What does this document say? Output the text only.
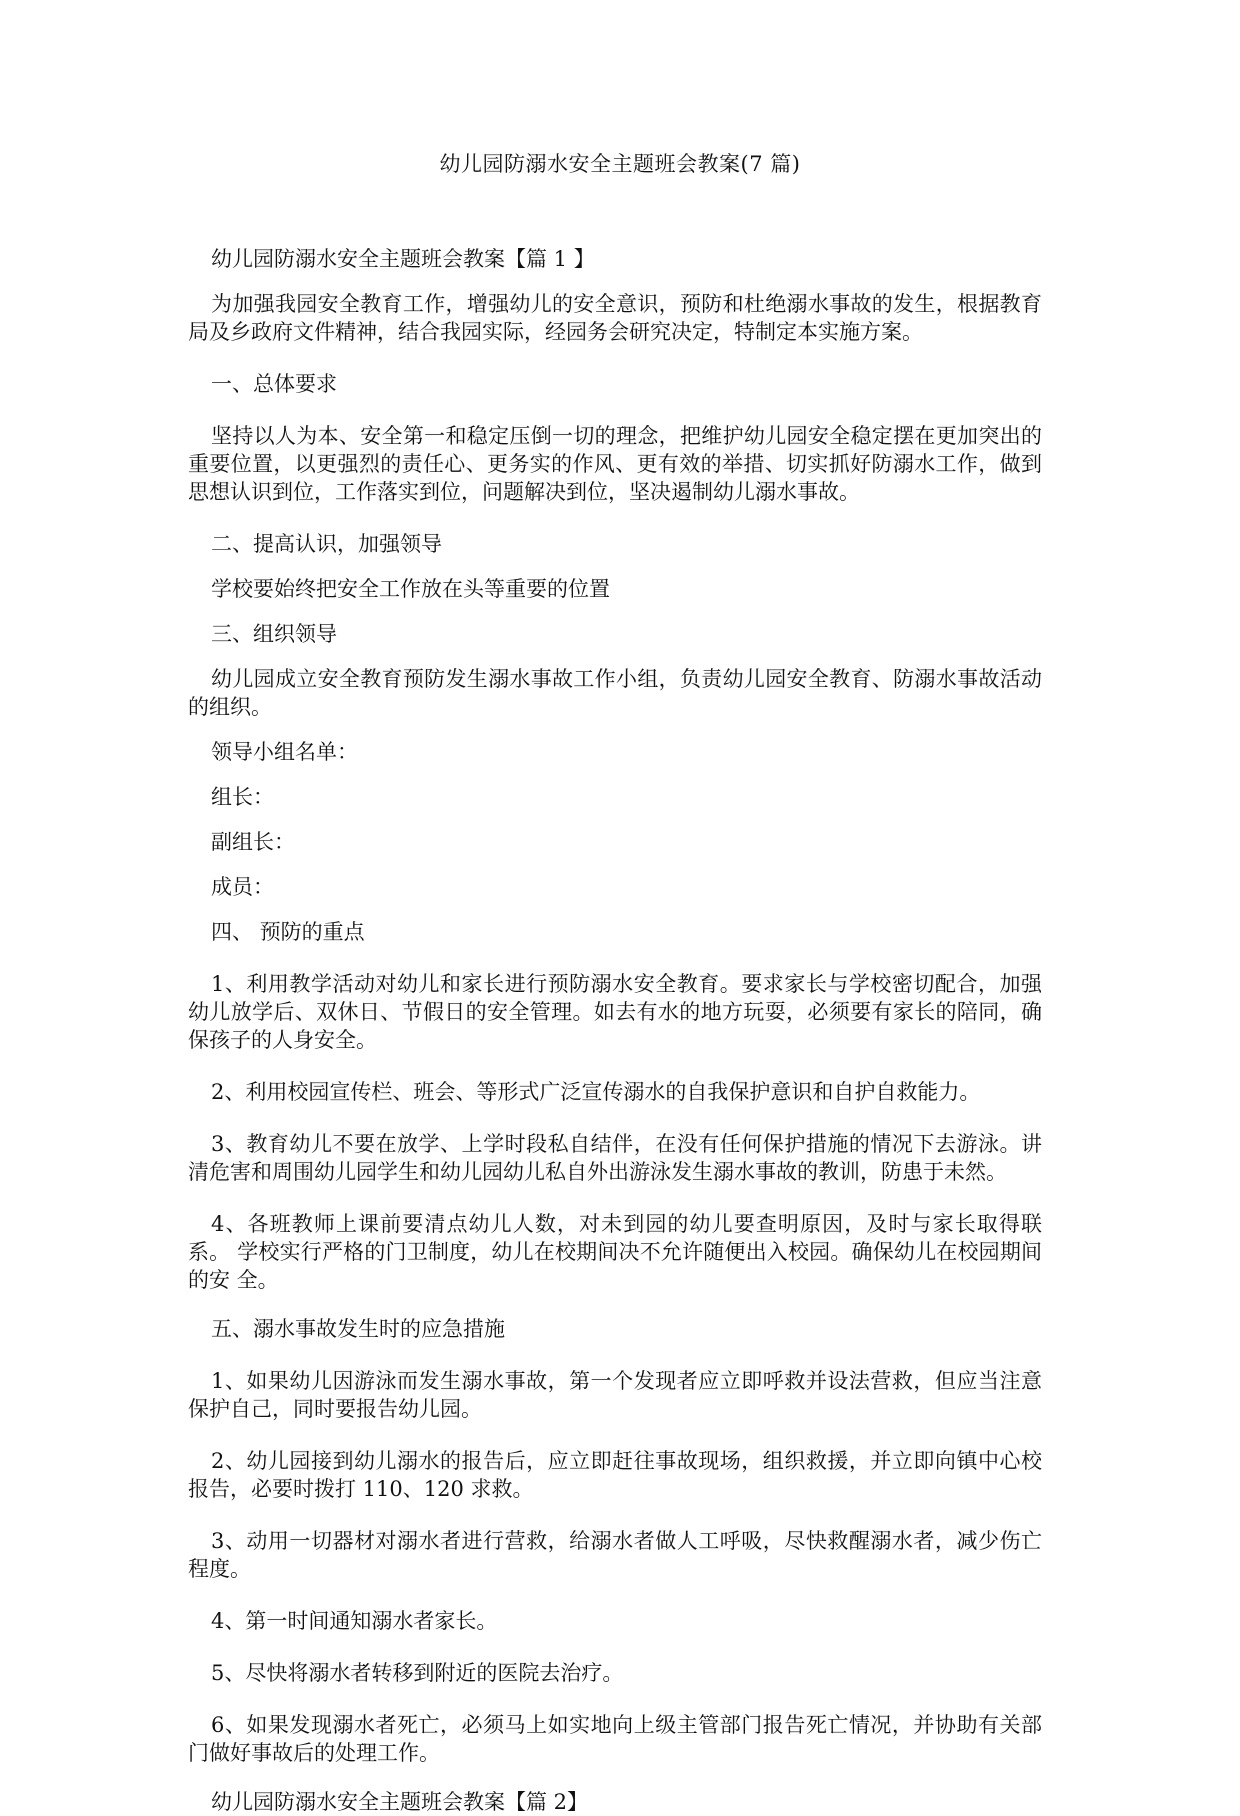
幼儿园防溺水安全主题班会教案(7 篇)

幼儿园防溺水安全主题班会教案【篇 1 】

为加强我园安全教育工作，增强幼儿的安全意识，预防和杜绝溺水事故的发生，根据教育 局及乡政府文件精神，结合我园实际，经园务会研究决定，特制定本实施方案。

一、总体要求

坚持以人为本、安全第一和稳定压倒一切的理念，把维护幼儿园安全稳定摆在更加突出的 重要位置，以更强烈的责任心、更务实的作风、更有效的举措、切实抓好防溺水工作，做到 思想认识到位，工作落实到位，问题解决到位，坚决遏制幼儿溺水事故。

二、提高认识，加强领导

学校要始终把安全工作放在头等重要的位置

三、组织领导

幼儿园成立安全教育预防发生溺水事故工作小组，负责幼儿园安全教育、防溺水事故活动 的组织。

领导小组名单：

组长：

副组长：

成员：

四、 预防的重点

1、利用教学活动对幼儿和家长进行预防溺水安全教育。要求家长与学校密切配合，加强 幼儿放学后、双休日、节假日的安全管理。如去有水的地方玩耍，必须要有家长的陪同，确 保孩子的人身安全。

2、利用校园宣传栏、班会、等形式广泛宣传溺水的自我保护意识和自护自救能力。

3、教育幼儿不要在放学、上学时段私自结伴，在没有任何保护措施的情况下去游泳。讲 清危害和周围幼儿园学生和幼儿园幼儿私自外出游泳发生溺水事故的教训，防患于未然。

4、各班教师上课前要清点幼儿人数，对未到园的幼儿要查明原因，及时与家长取得联系。 学校实行严格的门卫制度，幼儿在校期间决不允许随便出入校园。确保幼儿在校园期间的安 全。

五、溺水事故发生时的应急措施

1、如果幼儿因游泳而发生溺水事故，第一个发现者应立即呼救并设法营救，但应当注意 保护自己，同时要报告幼儿园。

2、幼儿园接到幼儿溺水的报告后，应立即赶往事故现场，组织救援，并立即向镇中心校 报告，必要时拨打 110、120 求救。

3、动用一切器材对溺水者进行营救，给溺水者做人工呼吸，尽快救醒溺水者，减少伤亡 程度。

4、第一时间通知溺水者家长。

5、尽快将溺水者转移到附近的医院去治疗。

6、如果发现溺水者死亡，必须马上如实地向上级主管部门报告死亡情况，并协助有关部 门做好事故后的处理工作。

幼儿园防溺水安全主题班会教案【篇 2】
